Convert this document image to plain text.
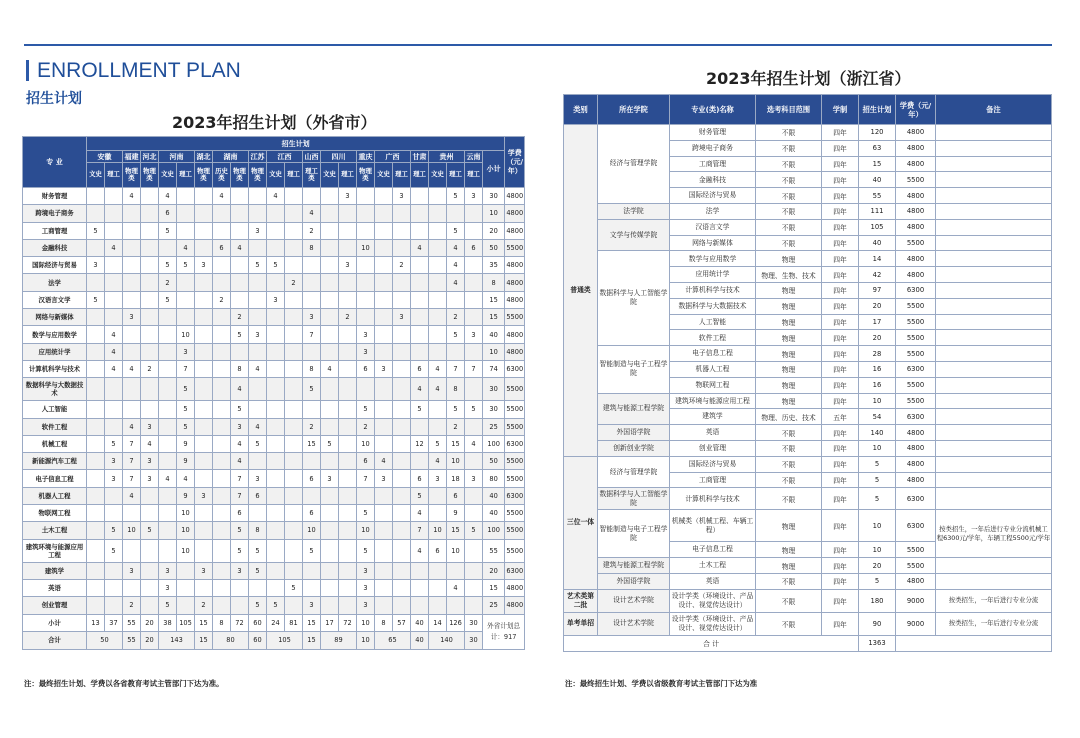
ENROLLMENT PLAN
招生计划
2023年招生计划（外省市）
2023年招生计划（浙江省）
专 业	招生计划																							学费（元/年）	
	安徽		福建	河北	河南		湖北	湖南		江苏	江西		山西	四川		重庆	广西		甘肃	贵州		云南	小计		
	文史	理工	物理类	物理类	文史	理工	物理类	历史类	物理类	物理类	文史	理工	理工类	文史	理工	物理类	文史	理工	理工	文史	理工	理工			
财务管理			4		4			4			4				3			3			5	3	30	4800	
跨境电子商务					6								4										10	4800	
工商管理	5				5					3			2								5		20	4800	
金融科技		4				4		6	4				8			10			4		4	6	50	5500	
国际经济与贸易	3				5	5	3			5	5				3			2			4		35	4800	
法学					2							2									4		8	4800	
汉语言文学	5				5			2			3												15	4800	
网络与新媒体			3						2				3		2			3			2		15	5500	
数学与应用数学		4				10			5	3			7			3					5	3	40	4800	
应用统计学		4				3										3							10	4800	
计算机科学与技术		4	4	2		7			8	4			8	4		6	3		6	4	7	7	74	6300	
数据科学与大数据技术						5			4				5						4	4	8		30	5500	
人工智能						5			5							5			5		5	5	30	5500	
软件工程			4	3		5			3	4			2			2					2		25	5500	
机械工程		5	7	4		9			4	5			15	5		10			12	5	15	4	100	6300	
新能源汽车工程		3	7	3		9			4							6	4			4	10		50	5500	
电子信息工程		3	7	3	4	4			7	3			6	3		7	3		6	3	18	3	80	5500	
机器人工程			4			9	3		7	6									5		6		40	6300	
物联网工程						10			6				6			5			4		9		40	5500	
土木工程		5	10	5		10			5	8			10			10			7	10	15	5	100	5500	
建筑环境与能源应用工程		5				10			5	5			5			5			4	6	10		55	5500	
建筑学			3		3		3		3	5						3							20	6300	
英语					3							5				3					4		15	4800	
创业管理			2		5		2			5	5		3			3							25	4800	
小计	13	37	55	20	38	105	15	8	72	60	24	81	15	17	72	10	8	57	40	14	126	30	外省计划总计：917		
合计	50		55	20	143		15	80		60	105		15	89		10	65		40	140		30			
类别	所在学院	专业(类)名称	选考科目范围	学制	招生计划	学费（元/年）	备注
普通类	经济与管理学院	财务管理	不限	四年	120	4800	
		跨境电子商务	不限	四年	63	4800	
		工商管理	不限	四年	15	4800	
		金融科技	不限	四年	40	5500	
		国际经济与贸易	不限	四年	55	4800	
	法学院	法学	不限	四年	111	4800	
	文学与传媒学院	汉语言文学	不限	四年	105	4800	
		网络与新媒体	不限	四年	40	5500	
	数据科学与人工智能学院	数学与应用数学	物理	四年	14	4800	
		应用统计学	物理、生物、技术	四年	42	4800	
		计算机科学与技术	物理	四年	97	6300	
		数据科学与大数据技术	物理	四年	20	5500	
		人工智能	物理	四年	17	5500	
		软件工程	物理	四年	20	5500	
	智能制造与电子工程学院	电子信息工程	物理	四年	28	5500	
		机器人工程	物理	四年	16	6300	
		物联网工程	物理	四年	16	5500	
	建筑与能源工程学院	建筑环境与能源应用工程	物理	四年	10	5500	
		建筑学	物理、历史、技术	五年	54	6300	
	外国语学院	英语	不限	四年	140	4800	
	创新创业学院	创业管理	不限	四年	10	4800	
三位一体	经济与管理学院	国际经济与贸易	不限	四年	5	4800	
		工商管理	不限	四年	5	4800	
	数据科学与人工智能学院	计算机科学与技术	不限	四年	5	6300	
	智能制造与电子工程学院	机械类（机械工程、车辆工程）	物理	四年	10	6300	按类招生，一年后进行专业分流机械工程6300元/学年，车辆工程5500元/学年
		电子信息工程	物理	四年	10	5500	
	建筑与能源工程学院	土木工程	物理	四年	20	5500	
	外国语学院	英语	不限	四年	5	4800	
艺术类第二批	设计艺术学院	设计学类（环境设计、产品设计、视觉传达设计）	不限	四年	180	9000	按类招生，一年后进行专业分流
单考单招	设计艺术学院	设计学类（环境设计、产品设计、视觉传达设计）	不限	四年	90	9000	按类招生，一年后进行专业分流
合 计					1363		
注：最终招生计划、学费以各省教育考试主管部门下达为准。	注：最终招生计划、学费以省级教育考试主管部门下达为准
